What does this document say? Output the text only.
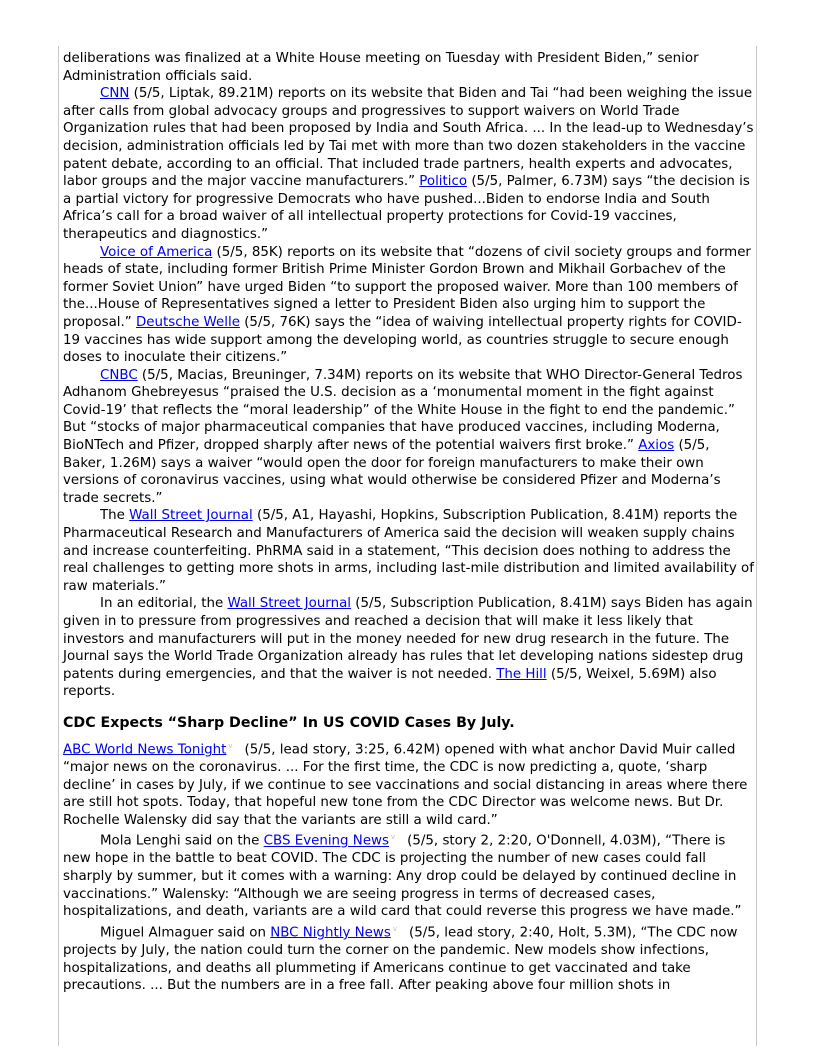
deliberations was finalized at a White House meeting on Tuesday with President Biden,” senior Administration officials said.

CNN (5/5, Liptak, 89.21M) reports on its website that Biden and Tai “had been weighing the issue after calls from global advocacy groups and progressives to support waivers on World Trade Organization rules that had been proposed by India and South Africa. ... In the lead-up to Wednesday’s decision, administration officials led by Tai met with more than two dozen stakeholders in the vaccine patent debate, according to an official. That included trade partners, health experts and advocates, labor groups and the major vaccine manufacturers.” Politico (5/5, Palmer, 6.73M) says “the decision is a partial victory for progressive Democrats who have pushed...Biden to endorse India and South Africa’s call for a broad waiver of all intellectual property protections for Covid-19 vaccines, therapeutics and diagnostics.”

Voice of America (5/5, 85K) reports on its website that “dozens of civil society groups and former heads of state, including former British Prime Minister Gordon Brown and Mikhail Gorbachev of the former Soviet Union” have urged Biden “to support the proposed waiver. More than 100 members of the...House of Representatives signed a letter to President Biden also urging him to support the proposal.” Deutsche Welle (5/5, 76K) says the “idea of waiving intellectual property rights for COVID-19 vaccines has wide support among the developing world, as countries struggle to secure enough doses to inoculate their citizens.”

CNBC (5/5, Macias, Breuninger, 7.34M) reports on its website that WHO Director-General Tedros Adhanom Ghebreyesus “praised the U.S. decision as a ‘monumental moment in the fight against Covid-19’ that reflects the “moral leadership” of the White House in the fight to end the pandemic.” But “stocks of major pharmaceutical companies that have produced vaccines, including Moderna, BioNTech and Pfizer, dropped sharply after news of the potential waivers first broke.” Axios (5/5, Baker, 1.26M) says a waiver “would open the door for foreign manufacturers to make their own versions of coronavirus vaccines, using what would otherwise be considered Pfizer and Moderna’s trade secrets.”

The Wall Street Journal (5/5, A1, Hayashi, Hopkins, Subscription Publication, 8.41M) reports the Pharmaceutical Research and Manufacturers of America said the decision will weaken supply chains and increase counterfeiting. PhRMA said in a statement, “This decision does nothing to address the real challenges to getting more shots in arms, including last-mile distribution and limited availability of raw materials.”

In an editorial, the Wall Street Journal (5/5, Subscription Publication, 8.41M) says Biden has again given in to pressure from progressives and reached a decision that will make it less likely that investors and manufacturers will put in the money needed for new drug research in the future. The Journal says the World Trade Organization already has rules that let developing nations sidestep drug patents during emergencies, and that the waiver is not needed. The Hill (5/5, Weixel, 5.69M) also reports.

CDC Expects “Sharp Decline” In US COVID Cases By July.

ABC World News Tonight $^v$ (5/5, lead story, 3:25, 6.42M) opened with what anchor David Muir called “major news on the coronavirus. ... For the first time, the CDC is now predicting a, quote, ‘sharp decline’ in cases by July, if we continue to see vaccinations and social distancing in areas where there are still hot spots. Today, that hopeful new tone from the CDC Director was welcome news. But Dr. Rochelle Walensky did say that the variants are still a wild card.”

Mola Lenghi said on the CBS Evening News $^v$ (5/5, story 2, 2:20, O'Donnell, 4.03M), “There is new hope in the battle to beat COVID. The CDC is projecting the number of new cases could fall sharply by summer, but it comes with a warning: Any drop could be delayed by continued decline in vaccinations.” Walensky: “Although we are seeing progress in terms of decreased cases, hospitalizations, and death, variants are a wild card that could reverse this progress we have made.”

Miguel Almaguer said on NBC Nightly News $^v$ (5/5, lead story, 2:40, Holt, 5.3M), “The CDC now projects by July, the nation could turn the corner on the pandemic. New models show infections, hospitalizations, and deaths all plummeting if Americans continue to get vaccinated and take precautions. ... But the numbers are in a free fall. After peaking above four million shots in
